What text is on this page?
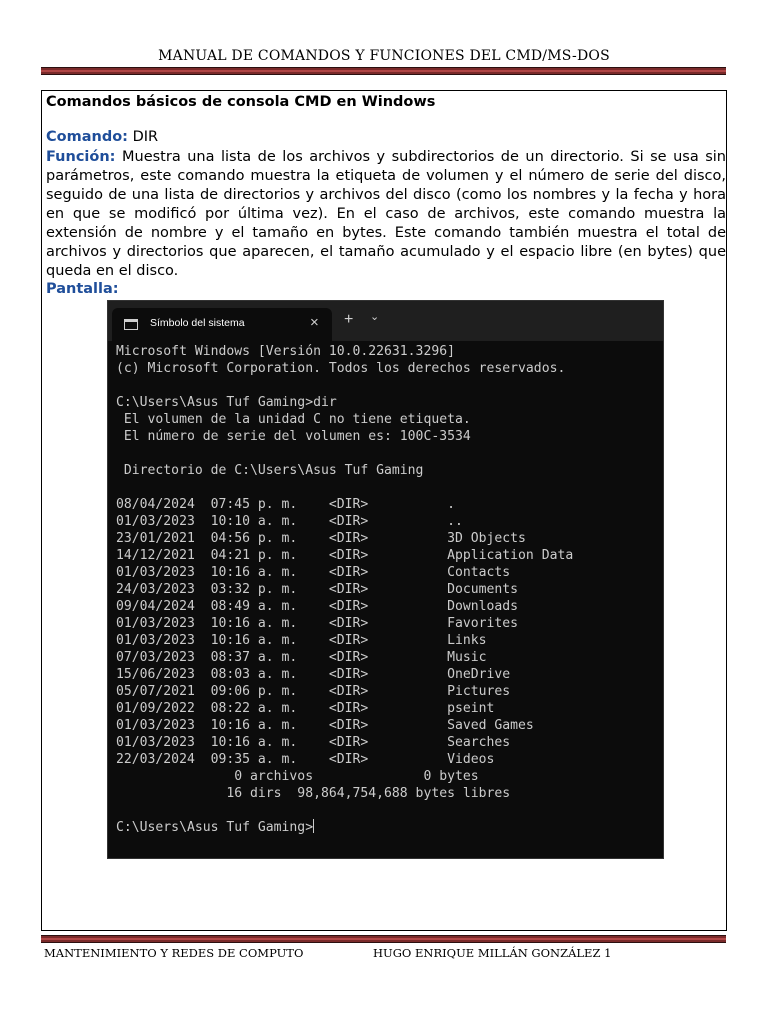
MANUAL DE COMANDOS Y FUNCIONES DEL CMD/MS-DOS
Comandos básicos de consola CMD en Windows
Comando: DIR
Función: Muestra una lista de los archivos y subdirectorios de un directorio. Si se usa sin parámetros, este comando muestra la etiqueta de volumen y el número de serie del disco, seguido de una lista de directorios y archivos del disco (como los nombres y la fecha y hora en que se modificó por última vez). En el caso de archivos, este comando muestra la extensión de nombre y el tamaño en bytes. Este comando también muestra el total de archivos y directorios que aparecen, el tamaño acumulado y el espacio libre (en bytes) que queda en el disco.
Pantalla:
Símbolo del sistema	× + ⌄
Microsoft Windows [Versión 10.0.22631.3296]
(c) Microsoft Corporation. Todos los derechos reservados.
C:\Users\Asus Tuf Gaming>dir
El volumen de la unidad C no tiene etiqueta.
El número de serie del volumen es: 100C-3534
Directorio de C:\Users\Asus Tuf Gaming
08/04/2024  07:45 p. m.    <DIR>          .
01/03/2023  10:10 a. m.    <DIR>          ..
23/01/2021  04:56 p. m.    <DIR>          3D Objects
14/12/2021  04:21 p. m.    <DIR>          Application Data
01/03/2023  10:16 a. m.    <DIR>          Contacts
24/03/2023  03:32 p. m.    <DIR>          Documents
09/04/2024  08:49 a. m.    <DIR>          Downloads
01/03/2023  10:16 a. m.    <DIR>          Favorites
01/03/2023  10:16 a. m.    <DIR>          Links
07/03/2023  08:37 a. m.    <DIR>          Music
15/06/2023  08:03 a. m.    <DIR>          OneDrive
05/07/2021  09:06 p. m.    <DIR>          Pictures
01/09/2022  08:22 a. m.    <DIR>          pseint
01/03/2023  10:16 a. m.    <DIR>          Saved Games
01/03/2023  10:16 a. m.    <DIR>          Searches
22/03/2024  09:35 a. m.    <DIR>          Videos
0 archivos              0 bytes
16 dirs  98,864,754,688 bytes libres
C:\Users\Asus Tuf Gaming>
MANTENIMIENTO Y REDES DE COMPUTO	HUGO ENRIQUE MILLÁN GONZÁLEZ 1
